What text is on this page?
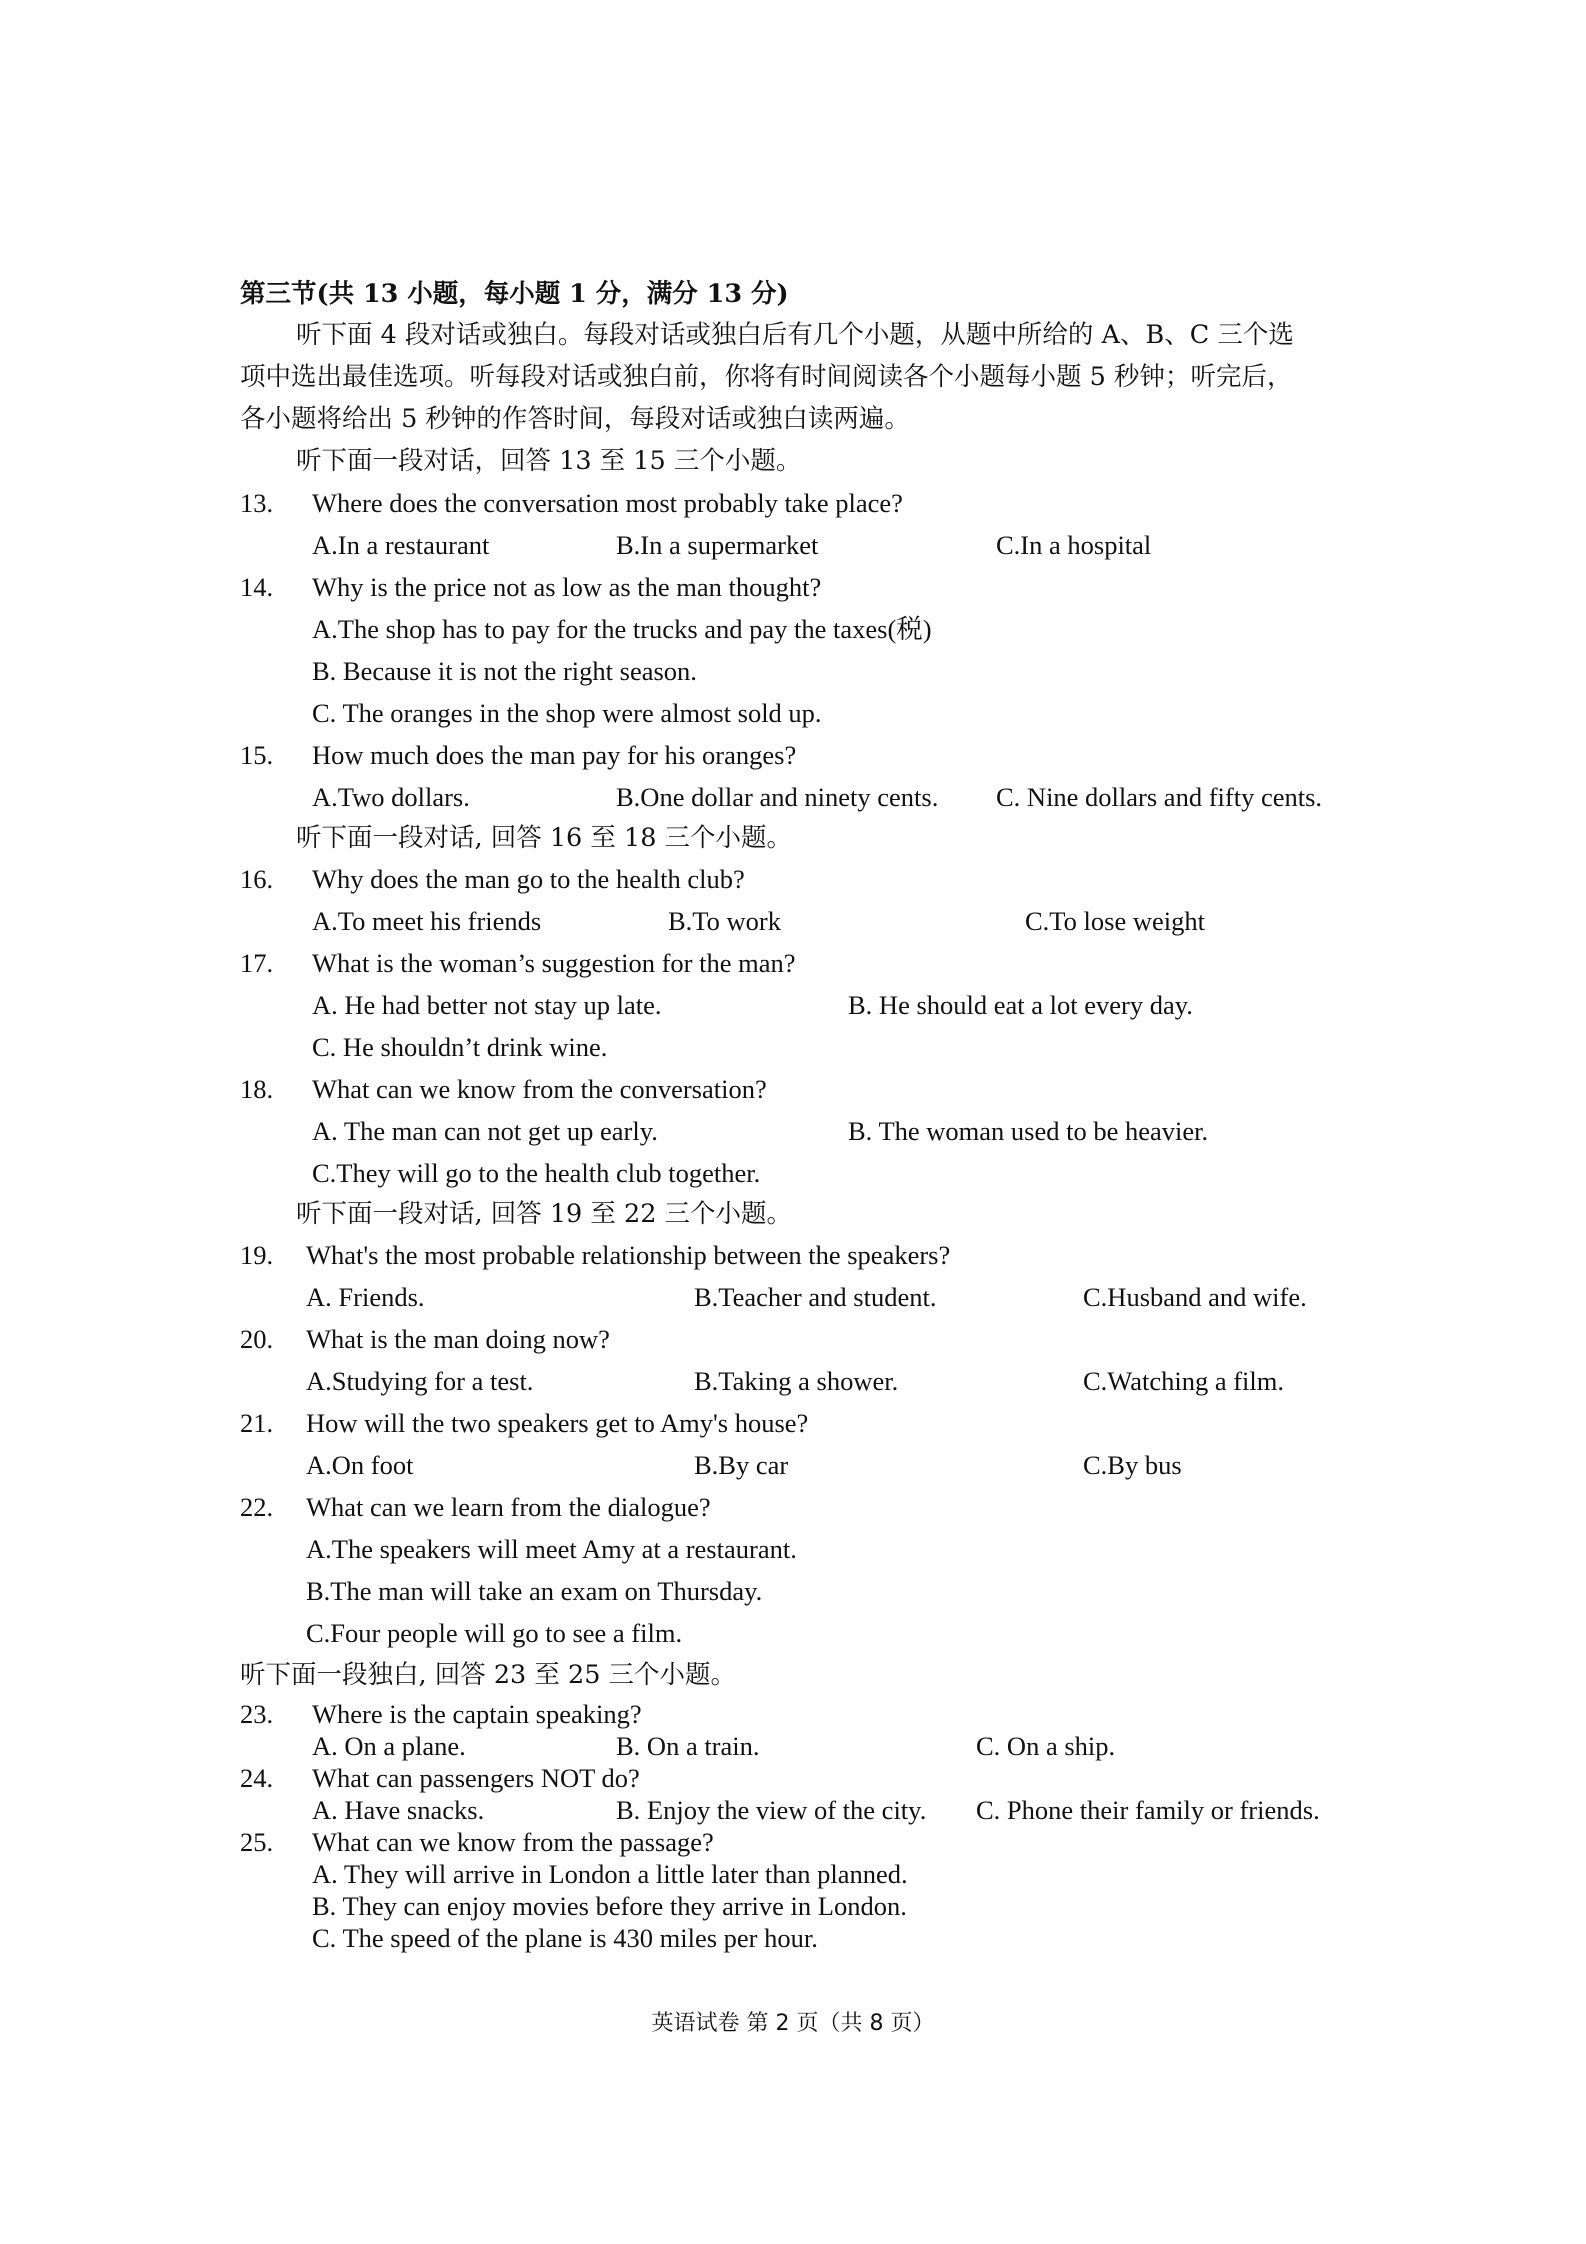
第三节(共 13 小题，每小题 1 分，满分 13 分)
听下面 4 段对话或独白。每段对话或独白后有几个小题，从题中所给的 A、B、C 三个选
项中选出最佳选项。听每段对话或独白前，你将有时间阅读各个小题每小题 5 秒钟；听完后，
各小题将给出 5 秒钟的作答时间，每段对话或独白读两遍。
听下面一段对话，回答 13 至 15 三个小题。
13. Where does the conversation most probably take place?
A.In a restaurant	B.In a supermarket	C.In a hospital
14. Why is the price not as low as the man thought?
A.The shop has to pay for the trucks and pay the taxes(税)
B. Because it is not the right season.
C. The oranges in the shop were almost sold up.
15. How much does the man pay for his oranges?
A.Two dollars.	B.One dollar and ninety cents. C. Nine dollars and fifty cents.
听下面一段对话, 回答 16 至 18 三个小题。
16. Why does the man go to the health club?
A.To meet his friends	B.To work	C.To lose weight
17. What is the woman’s suggestion for the man?
A. He had better not stay up late.	B. He should eat a lot every day.
C. He shouldn’t drink wine.
18. What can we know from the conversation?
A. The man can not get up early.	B. The woman used to be heavier.
C.They will go to the health club together.
听下面一段对话, 回答 19 至 22 三个小题。
19. What's the most probable relationship between the speakers?
A. Friends.	B.Teacher and student.	C.Husband and wife.
20. What is the man doing now?
A.Studying for a test.	B.Taking a shower.	C.Watching a film.
21. How will the two speakers get to Amy's house?
A.On foot	B.By car	C.By bus
22. What can we learn from the dialogue?
A.The speakers will meet Amy at a restaurant.
B.The man will take an exam on Thursday.
C.Four people will go to see a film.
听下面一段独白, 回答 23 至 25 三个小题。
23. Where is the captain speaking?
A. On a plane.	B. On a train.	C. On a ship.
24. What can passengers NOT do?
A. Have snacks.	B. Enjoy the view of the city. C. Phone their family or friends.
25. What can we know from the passage?
A. They will arrive in London a little later than planned.
B. They can enjoy movies before they arrive in London.
C. The speed of the plane is 430 miles per hour.
英语试卷 第 2 页（共 8 页）
